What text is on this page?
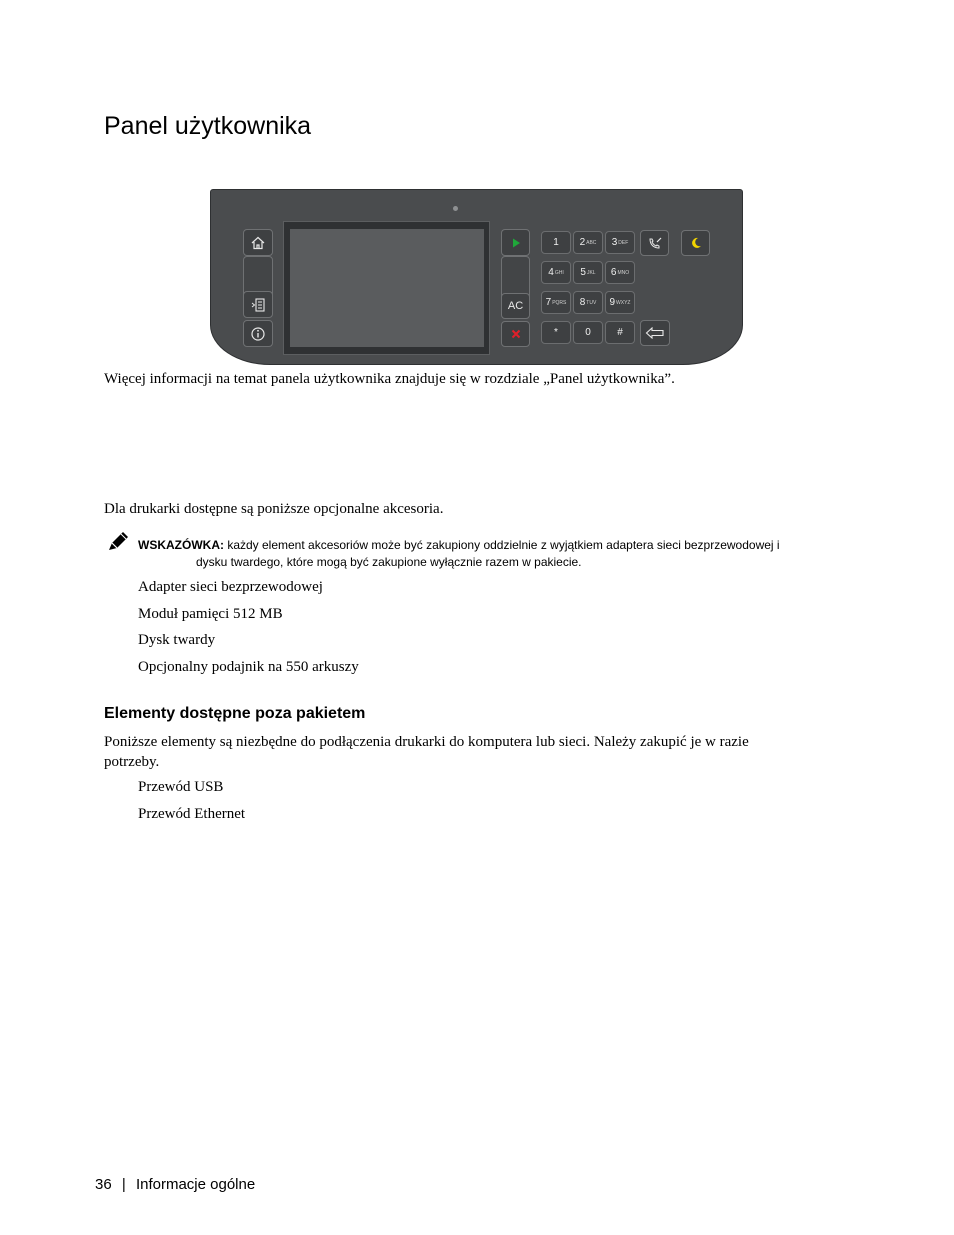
Panel użytkownika
AC
1 2 ABC 3 DEF
4 GHI 5 JKL 6 MNO
7 PQRS 8 TUV 9 WXYZ
*	0	#
Więcej informacji na temat panela użytkownika znajduje się w rozdziale „Panel użytkownika”.
Dla drukarki dostępne są poniższe opcjonalne akcesoria.
WSKAZÓWKA: każdy element akcesoriów może być zakupiony oddzielnie z wyjątkiem adaptera sieci bezprzewodowej i
dysku twardego, które mogą być zakupione wyłącznie razem w pakiecie.
Adapter sieci bezprzewodowej
Moduł pamięci 512 MB
Dysk twardy
Opcjonalny podajnik na 550 arkuszy
Elementy dostępne poza pakietem
Poniższe elementy są niezbędne do podłączenia drukarki do komputera lub sieci. Należy zakupić je w razie
potrzeby.
Przewód USB
Przewód Ethernet
36 | Informacje ogólne
